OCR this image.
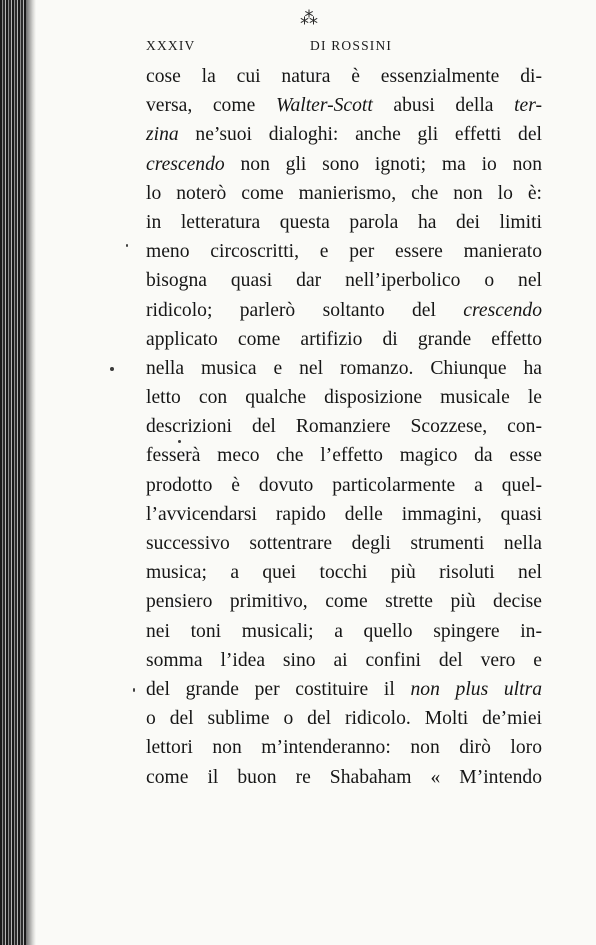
⁂
XXXIV	DI ROSSINI
cose la cui natura è essenzialmente di-
versa, come Walter-Scott abusi della ter-
zina ne’suoi dialoghi: anche gli effetti del
crescendo non gli sono ignoti; ma io non
lo noterò come manierismo, che non lo è:
in letteratura questa parola ha dei limiti
meno circoscritti, e per essere manierato
bisogna quasi dar nell’iperbolico o nel
ridicolo; parlerò soltanto del crescendo
applicato come artifizio di grande effetto
nella musica e nel romanzo. Chiunque ha
letto con qualche disposizione musicale le
descrizioni del Romanziere Scozzese, con-
fesserà meco che l’effetto magico da esse
prodotto è dovuto particolarmente a quel-
l’avvicendarsi rapido delle immagini, quasi
successivo sottentrare degli strumenti nella
musica; a quei tocchi più risoluti nel
pensiero primitivo, come strette più decise
nei toni musicali; a quello spingere in-
somma l’idea sino ai confini del vero e
del grande per costituire il non plus ultra
o del sublime o del ridicolo. Molti de’miei
lettori non m’intenderanno: non dirò loro
come il buon re Shabaham « M’intendo
